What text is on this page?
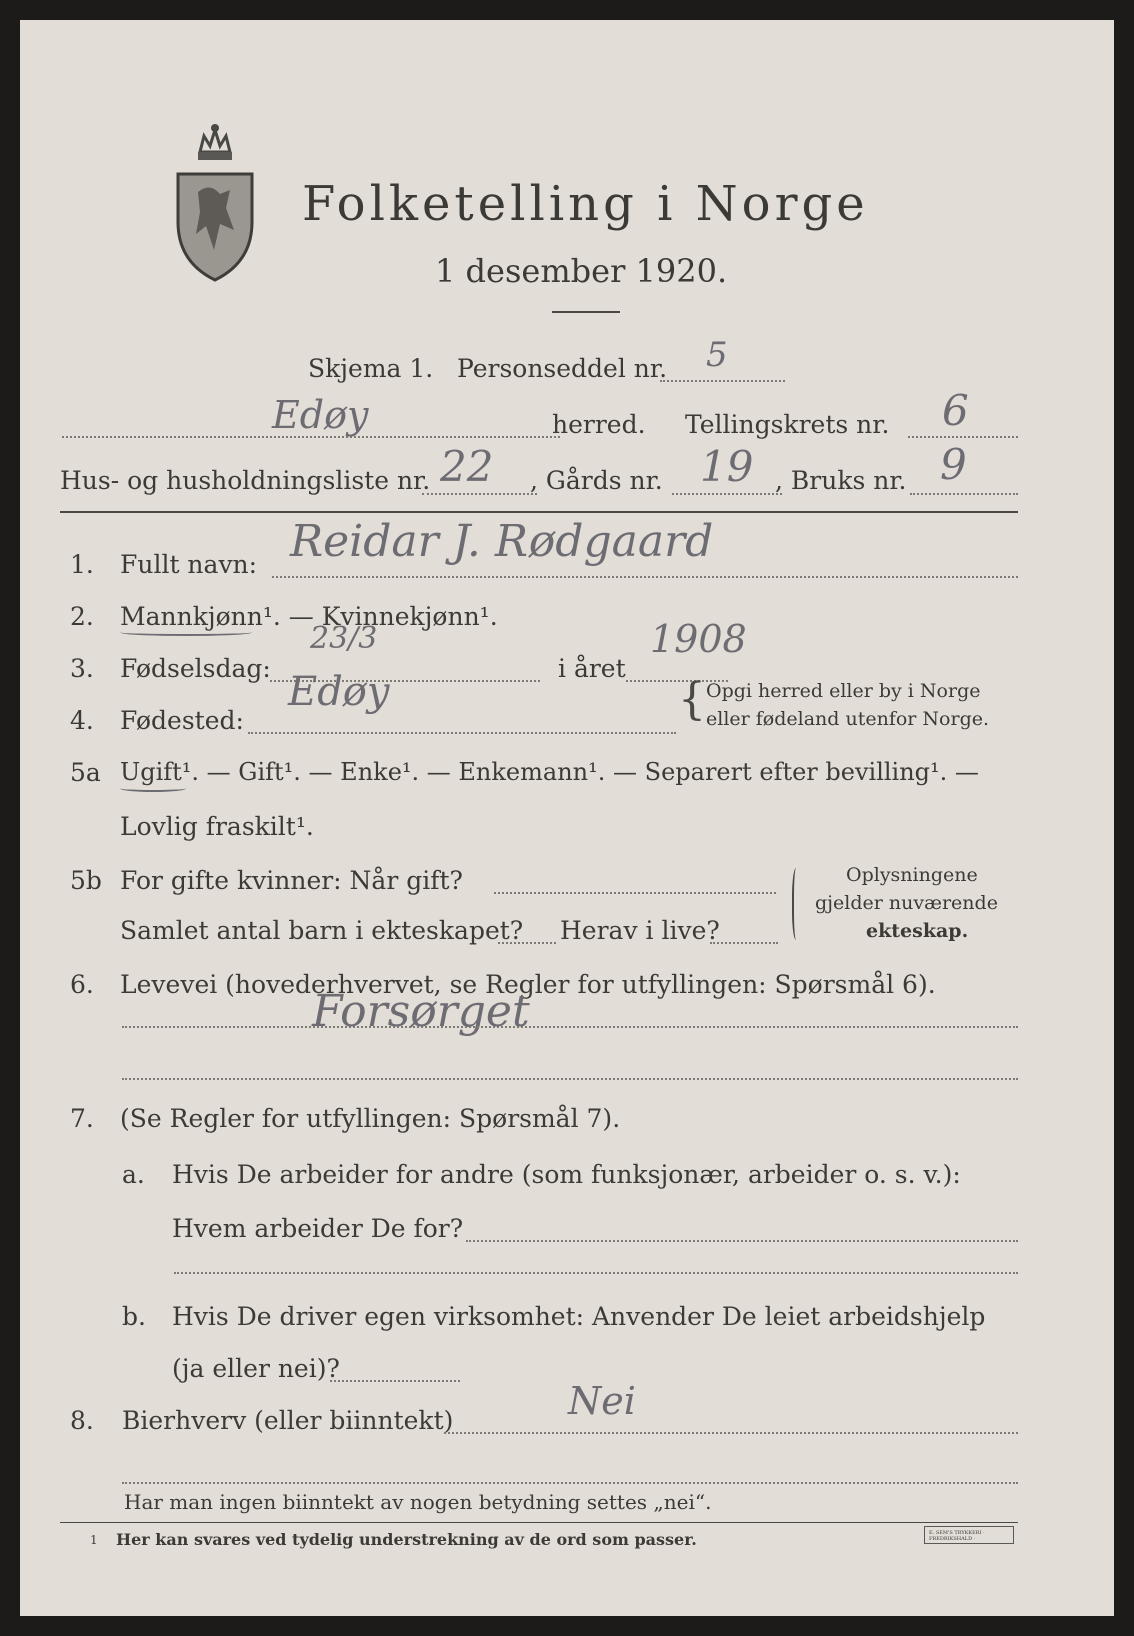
Folketelling i Norge
1 desember 1920.
Skjema 1. Personseddel nr. 5
Edøy	herred. Tellingskrets nr. 6
Hus- og husholdningsliste nr. 22 , Gårds nr. 19 , Bruks nr. 9
1. Fullt navn: Reidar J. Rødgaard
2. Mannkjønn¹. — Kvinnekjønn¹.
3. Fødselsdag:
23/3
i året
1908
4. Fødested:
Edøy	{ Opgi herred eller by i Norge
eller fødeland utenfor Norge.
5a Ugift¹. — Gift¹. — Enke¹. — Enkemann¹. — Separert efter bevilling¹. —
Lovlig fraskilt¹.
5b For gifte kvinner: Når gift?
Samlet antal barn i ekteskapet? Herav i live?
Oplysningene
gjelder nuværende
ekteskap.
6. Levevei (hovederhvervet, se Regler for utfyllingen: Spørsmål 6).
Forsørget
7. (Se Regler for utfyllingen: Spørsmål 7).
a. Hvis De arbeider for andre (som funksjonær, arbeider o. s. v.):
Hvem arbeider De for?
b. Hvis De driver egen virksomhet: Anvender De leiet arbeidshjelp
(ja eller nei)?
8. Bierhverv (eller biinntekt)	Nei
Har man ingen biinntekt av nogen betydning settes „nei“.
1 Her kan svares ved tydelig understrekning av de ord som passer.	E. SEM'S TRYKKERI · FREDRIKSHALD ·
